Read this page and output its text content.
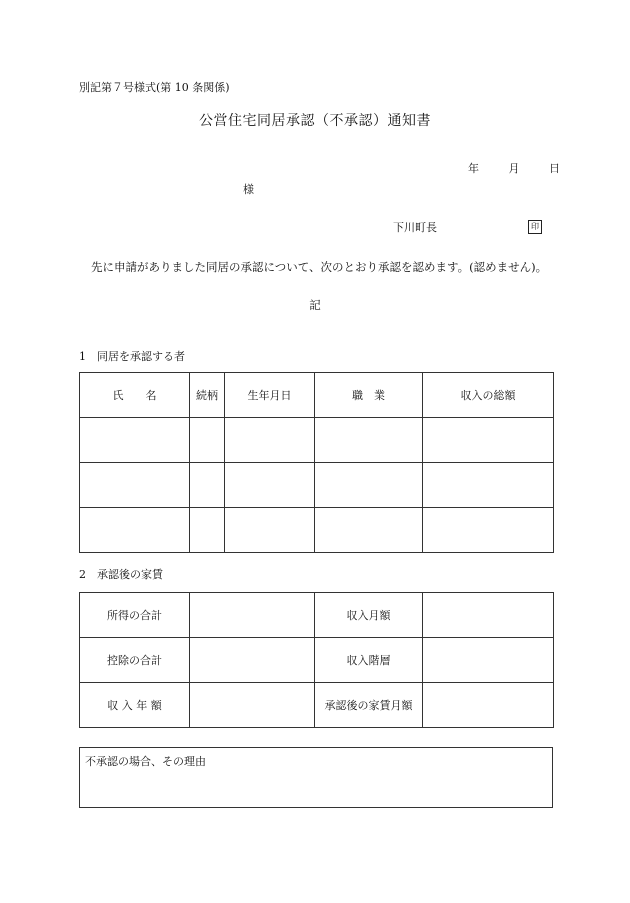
別記第７号様式(第 10 条関係)
公営住宅同居承認（不承認）通知書
年	月	日
様
下川町長	印
先に申請がありました同居の承認について、次のとおり承認を認めます。(認めません)。
記
1　同居を承認する者
氏　　名	続柄	生年月日	職　業	収入の総額

2　承認後の家賃
所得の合計		収入月額	
控除の合計		収入階層	
収 入 年 額		承認後の家賃月額	
不承認の場合、その理由
